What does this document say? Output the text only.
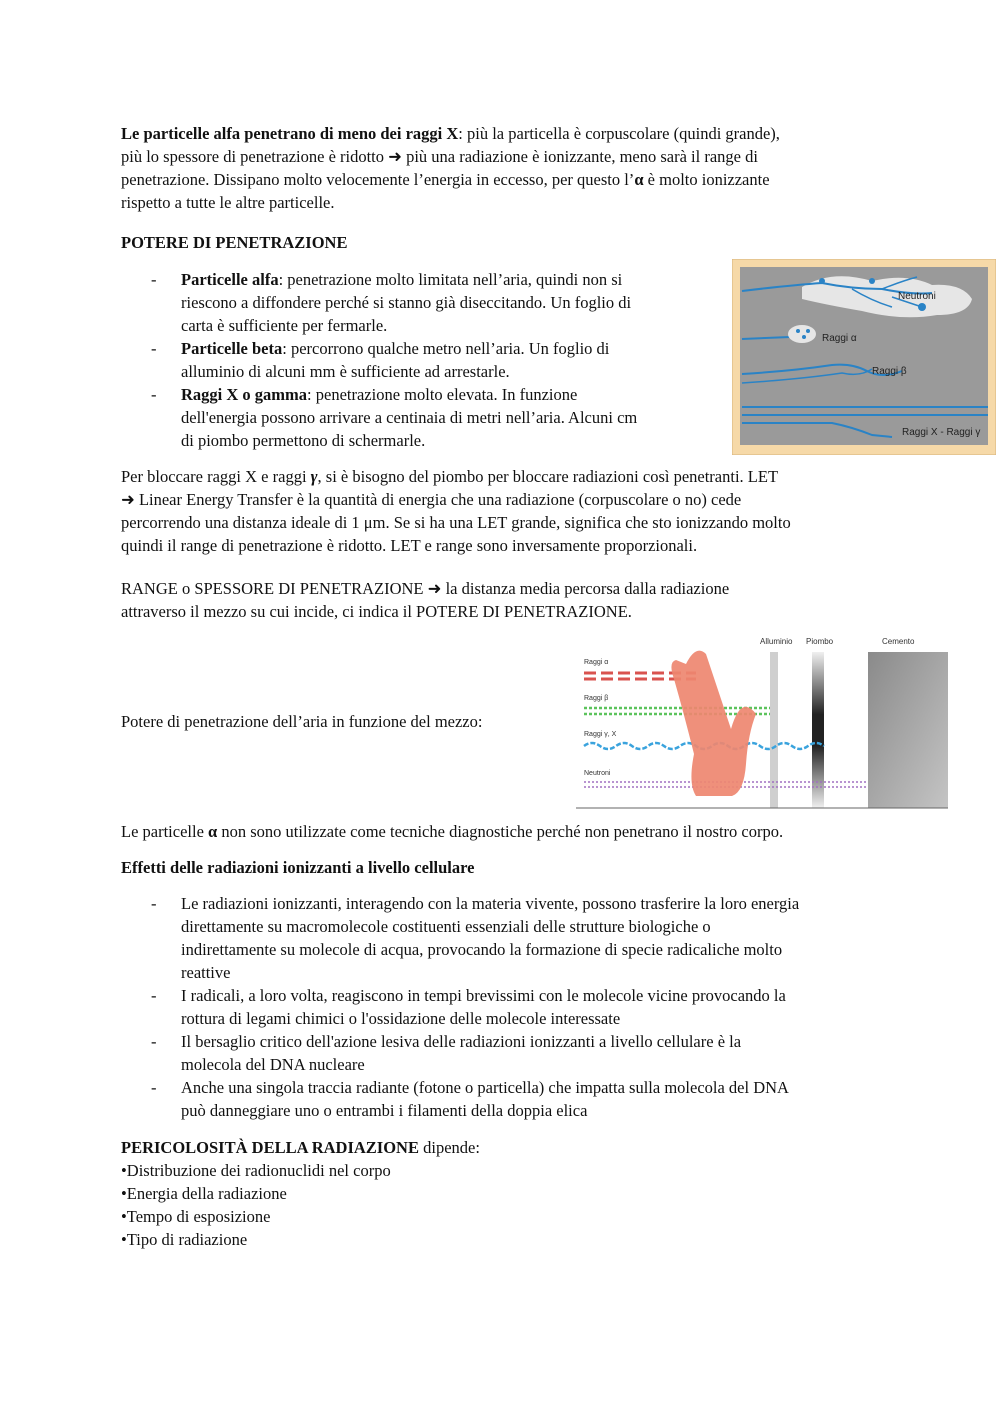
Le particelle alfa penetrano di meno dei raggi X: più la particella è corpuscolare (quindi grande),
più lo spessore di penetrazione è ridotto ➜ più una radiazione è ionizzante, meno sarà il range di
penetrazione. Dissipano molto velocemente l’energia in eccesso, per questo l’α è molto ionizzante
rispetto a tutte le altre particelle.
POTERE DI PENETRAZIONE
- Particelle alfa: penetrazione molto limitata nell’aria, quindi non si
riescono a diffondere perché si stanno già diseccitando. Un foglio di
carta è sufficiente per fermarle.
- Particelle beta: percorrono qualche metro nell’aria. Un foglio di
alluminio di alcuni mm è sufficiente ad arrestarle.
- Raggi X o gamma: penetrazione molto elevata. In funzione
dell'energia possono arrivare a centinaia di metri nell’aria. Alcuni cm
di piombo permettono di schermarle.
Neutroni
Raggi α
Raggi β
Raggi X - Raggi γ
Per bloccare raggi X e raggi γ, si è bisogno del piombo per bloccare radiazioni così penetranti. LET
➜ Linear Energy Transfer è la quantità di energia che una radiazione (corpuscolare o no) cede
percorrendo una distanza ideale di 1 μm. Se si ha una LET grande, significa che sto ionizzando molto
quindi il range di penetrazione è ridotto. LET e range sono inversamente proporzionali.
RANGE o SPESSORE DI PENETRAZIONE ➜ la distanza media percorsa dalla radiazione
attraverso il mezzo su cui incide, ci indica il POTERE DI PENETRAZIONE.
Potere di penetrazione dell’aria in funzione del mezzo:
Alluminio Piombo	Cemento
Raggi α
Raggi β
Raggi γ, X
Neutroni
Le particelle α non sono utilizzate come tecniche diagnostiche perché non penetrano il nostro corpo.
Effetti delle radiazioni ionizzanti a livello cellulare
- Le radiazioni ionizzanti, interagendo con la materia vivente, possono trasferire la loro energia
direttamente su macromolecole costituenti essenziali delle strutture biologiche o
indirettamente su molecole di acqua, provocando la formazione di specie radicaliche molto
reattive
- I radicali, a loro volta, reagiscono in tempi brevissimi con le molecole vicine provocando la
rottura di legami chimici o l'ossidazione delle molecole interessate
- Il bersaglio critico dell'azione lesiva delle radiazioni ionizzanti a livello cellulare è la
molecola del DNA nucleare
- Anche una singola traccia radiante (fotone o particella) che impatta sulla molecola del DNA
può danneggiare uno o entrambi i filamenti della doppia elica
PERICOLOSITÀ DELLA RADIAZIONE dipende:
•Distribuzione dei radionuclidi nel corpo
•Energia della radiazione
•Tempo di esposizione
•Tipo di radiazione
